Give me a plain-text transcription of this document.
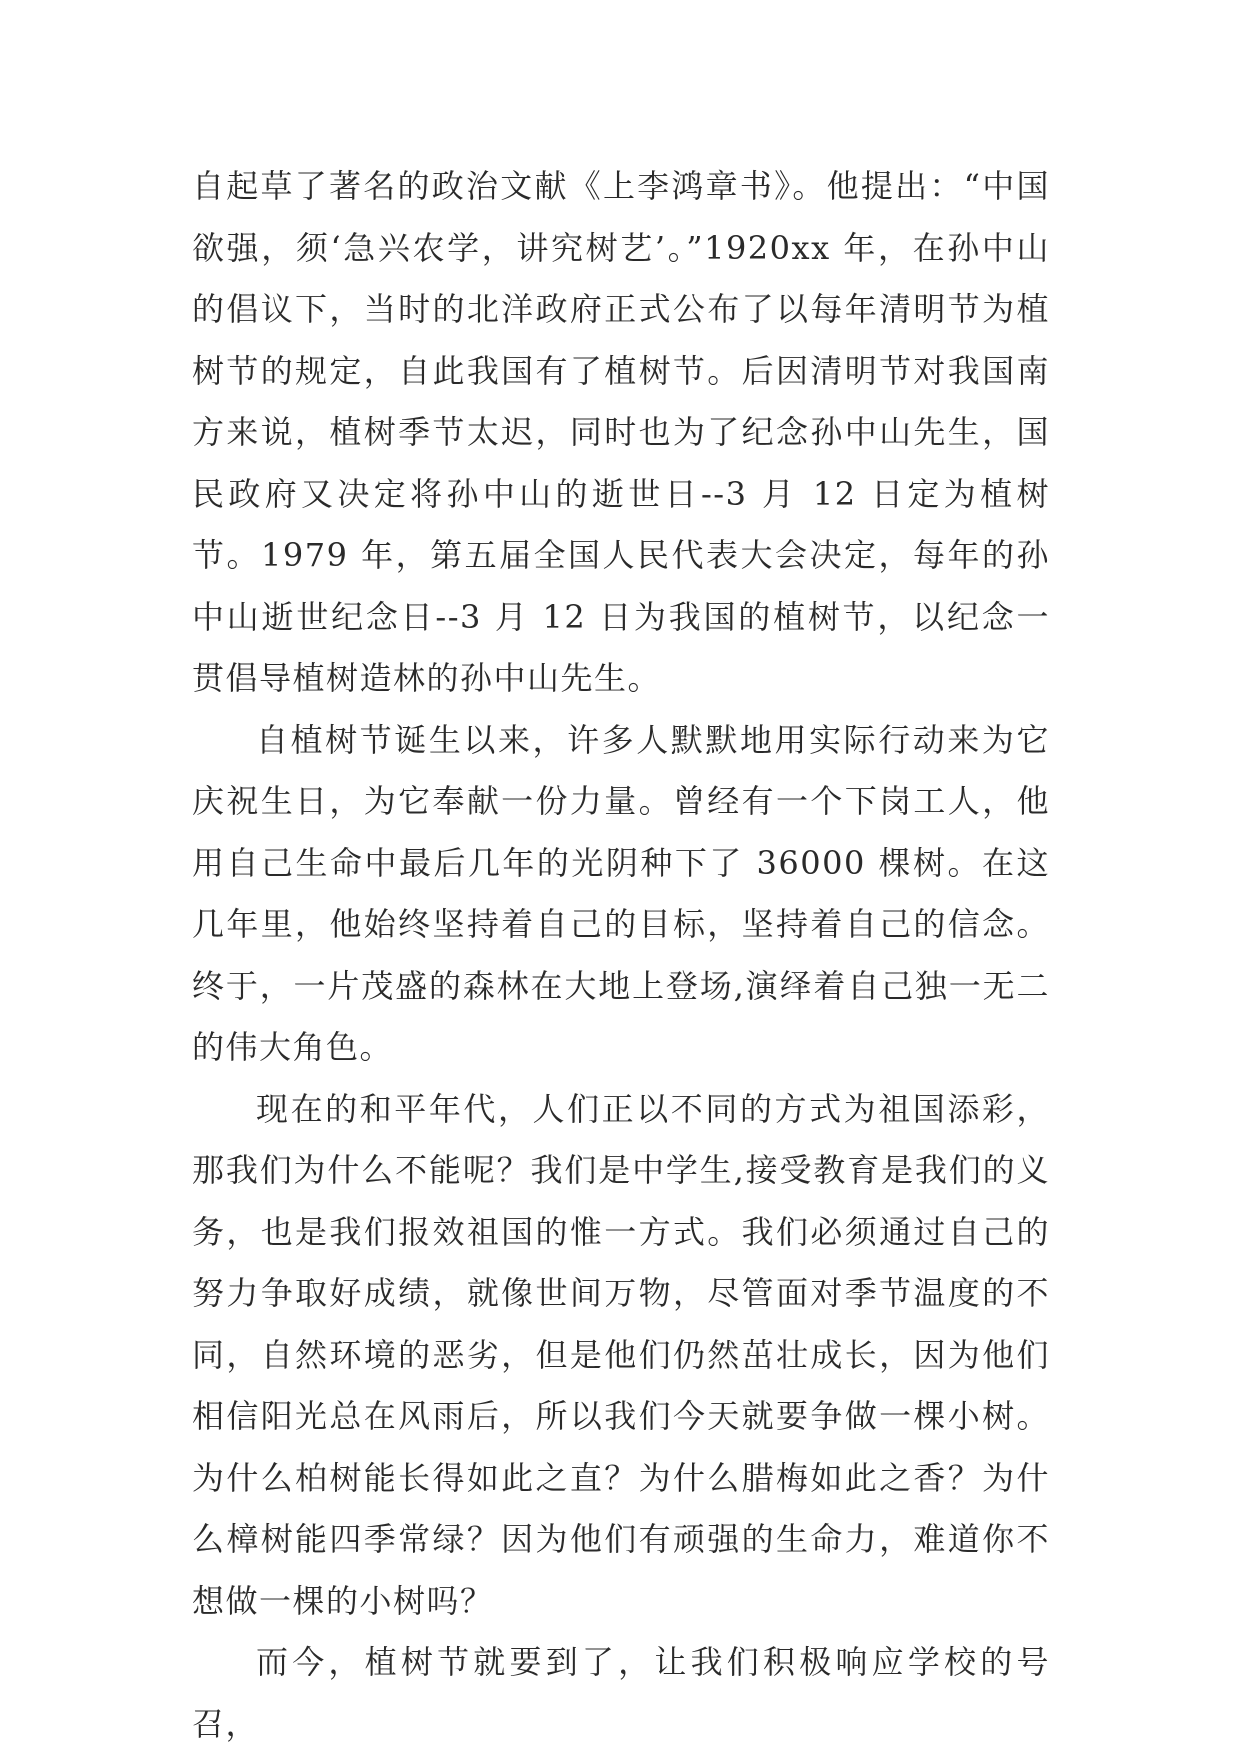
自起草了著名的政治文献《上李鸿章书》。他提出：“中国欲强，须‘急兴农学，讲究树艺’。”1920xx 年，在孙中山的倡议下，当时的北洋政府正式公布了以每年清明节为植树节的规定，自此我国有了植树节。后因清明节对我国南方来说，植树季节太迟，同时也为了纪念孙中山先生，国民政府又决定将孙中山的逝世日--3 月 12 日定为植树节。1979 年，第五届全国人民代表大会决定，每年的孙中山逝世纪念日--3 月 12 日为我国的植树节，以纪念一贯倡导植树造林的孙中山先生。

自植树节诞生以来，许多人默默地用实际行动来为它庆祝生日，为它奉献一份力量。曾经有一个下岗工人，他用自己生命中最后几年的光阴种下了 36000 棵树。在这几年里，他始终坚持着自己的目标，坚持着自己的信念。终于，一片茂盛的森林在大地上登场,演绎着自己独一无二的伟大角色。

现在的和平年代，人们正以不同的方式为祖国添彩，那我们为什么不能呢？我们是中学生,接受教育是我们的义务，也是我们报效祖国的惟一方式。我们必须通过自己的努力争取好成绩，就像世间万物，尽管面对季节温度的不同，自然环境的恶劣，但是他们仍然茁壮成长，因为他们相信阳光总在风雨后，所以我们今天就要争做一棵小树。为什么柏树能长得如此之直？为什么腊梅如此之香？为什么樟树能四季常绿？因为他们有顽强的生命力，难道你不想做一棵的小树吗？

而今，植树节就要到了，让我们积极响应学校的号召，
